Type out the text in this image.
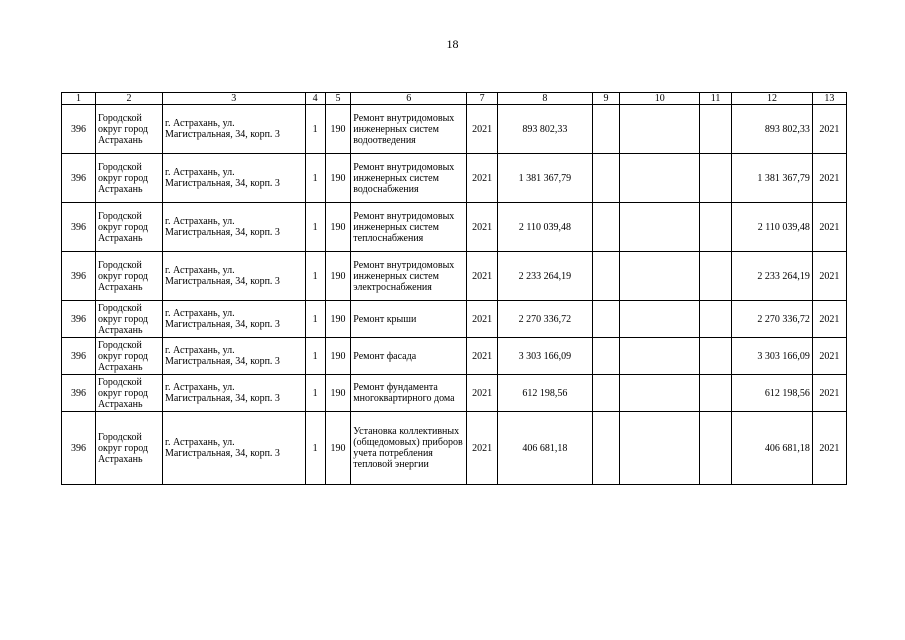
18
1	2	3	4	5	6	7	8	9	10	11	12	13
396	Городской округ город Астрахань	г. Астрахань, ул. Магистральная, 34, корп. 3	1	190	Ремонт внутридомовых инженерных систем водоотведения	2021	893 802,33				893 802,33	2021
396	Городской округ город Астрахань	г. Астрахань, ул. Магистральная, 34, корп. 3	1	190	Ремонт внутридомовых инженерных систем водоснабжения	2021	1 381 367,79				1 381 367,79	2021
396	Городской округ город Астрахань	г. Астрахань, ул. Магистральная, 34, корп. 3	1	190	Ремонт внутридомовых инженерных систем теплоснабжения	2021	2 110 039,48				2 110 039,48	2021
396	Городской округ город Астрахань	г. Астрахань, ул. Магистральная, 34, корп. 3	1	190	Ремонт внутридомовых инженерных систем электроснабжения	2021	2 233 264,19				2 233 264,19	2021
396	Городской округ город Астрахань	г. Астрахань, ул. Магистральная, 34, корп. 3	1	190	Ремонт крыши	2021	2 270 336,72				2 270 336,72	2021
396	Городской округ город Астрахань	г. Астрахань, ул. Магистральная, 34, корп. 3	1	190	Ремонт фасада	2021	3 303 166,09				3 303 166,09	2021
396	Городской округ город Астрахань	г. Астрахань, ул. Магистральная, 34, корп. 3	1	190	Ремонт фундамента многоквартирного дома	2021	612 198,56				612 198,56	2021
396	Городской округ город Астрахань	г. Астрахань, ул. Магистральная, 34, корп. 3	1	190	Установка коллективных (общедомовых) приборов учета потребления тепловой энергии	2021	406 681,18				406 681,18	2021
